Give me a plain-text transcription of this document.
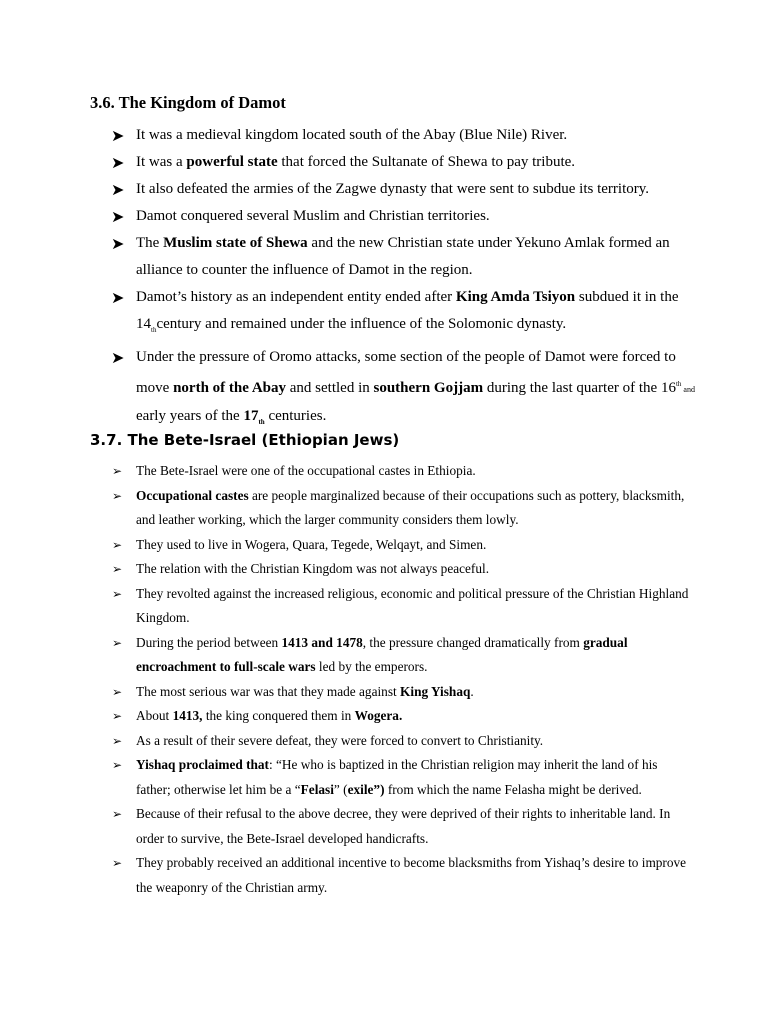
3.6. The Kingdom of Damot
➤ It was a medieval kingdom located south of the Abay (Blue Nile) River.
➤ It was a powerful state that forced the Sultanate of Shewa to pay tribute.
➤ It also defeated the armies of the Zagwe dynasty that were sent to subdue its territory.
➤ Damot conquered several Muslim and Christian territories.
➤ The Muslim state of Shewa and the new Christian state under Yekuno Amlak formed an alliance to counter the influence of Damot in the region.
➤ Damot’s history as an independent entity ended after King Amda Tsiyon subdued it in the $14_{th}century$ and remained under the influence of the Solomonic dynasty.
➤ Under the pressure of Oromo attacks, some section of the people of Damot were forced to move north of the Abay and settled in southern Gojjam during the last quarter of the 16th and early years of the $17_{th}$ centuries.
3.7. The Bete-Israel (Ethiopian Jews)
➢ The Bete-Israel were one of the occupational castes in Ethiopia.
➢ Occupational castes are people marginalized because of their occupations such as pottery, blacksmith, and leather working, which the larger community considers them lowly.
➢ They used to live in Wogera, Quara, Tegede, Welqayt, and Simen.
➢ The relation with the Christian Kingdom was not always peaceful.
➢ They revolted against the increased religious, economic and political pressure of the Christian Highland Kingdom.
➢ During the period between 1413 and 1478, the pressure changed dramatically from gradual encroachment to full-scale wars led by the emperors.
➢ The most serious war was that they made against King Yishaq.
➢ About 1413, the king conquered them in Wogera.
➢ As a result of their severe defeat, they were forced to convert to Christianity.
➢ Yishaq proclaimed that: “He who is baptized in the Christian religion may inherit the land of his father; otherwise let him be a “Felasi” (exile”) from which the name Felasha might be derived.
➢ Because of their refusal to the above decree, they were deprived of their rights to inheritable land. In order to survive, the Bete-Israel developed handicrafts.
➢ They probably received an additional incentive to become blacksmiths from Yishaq’s desire to improve the weaponry of the Christian army.
